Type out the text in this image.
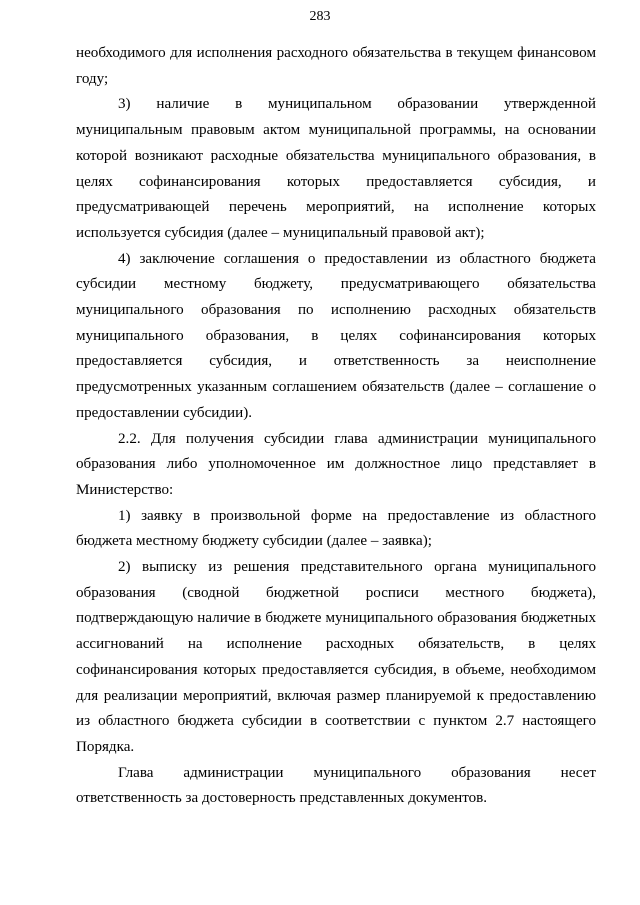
283

необходимого для исполнения расходного обязательства в текущем финансовом году;

3) наличие в муниципальном образовании утвержденной муниципальным правовым актом муниципальной программы, на основании которой возникают расходные обязательства муниципального образования, в целях софинансирования которых предоставляется субсидия, и предусматривающей перечень мероприятий, на исполнение которых используется субсидия (далее – муниципальный правовой акт);

4) заключение соглашения о предоставлении из областного бюджета субсидии местному бюджету, предусматривающего обязательства муниципального образования по исполнению расходных обязательств муниципального образования, в целях софинансирования которых предоставляется субсидия, и ответственность за неисполнение предусмотренных указанным соглашением обязательств (далее – соглашение о предоставлении субсидии).

2.2. Для получения субсидии глава администрации муниципального образования либо уполномоченное им должностное лицо представляет в Министерство:

1) заявку в произвольной форме на предоставление из областного бюджета местному бюджету субсидии (далее – заявка);

2) выписку из решения представительного органа муниципального образования (сводной бюджетной росписи местного бюджета), подтверждающую наличие в бюджете муниципального образования бюджетных ассигнований на исполнение расходных обязательств, в целях софинансирования которых предоставляется субсидия, в объеме, необходимом для реализации мероприятий, включая размер планируемой к предоставлению из областного бюджета субсидии в соответствии с пунктом 2.7 настоящего Порядка.

Глава администрации муниципального образования несет ответственность за достоверность представленных документов.
